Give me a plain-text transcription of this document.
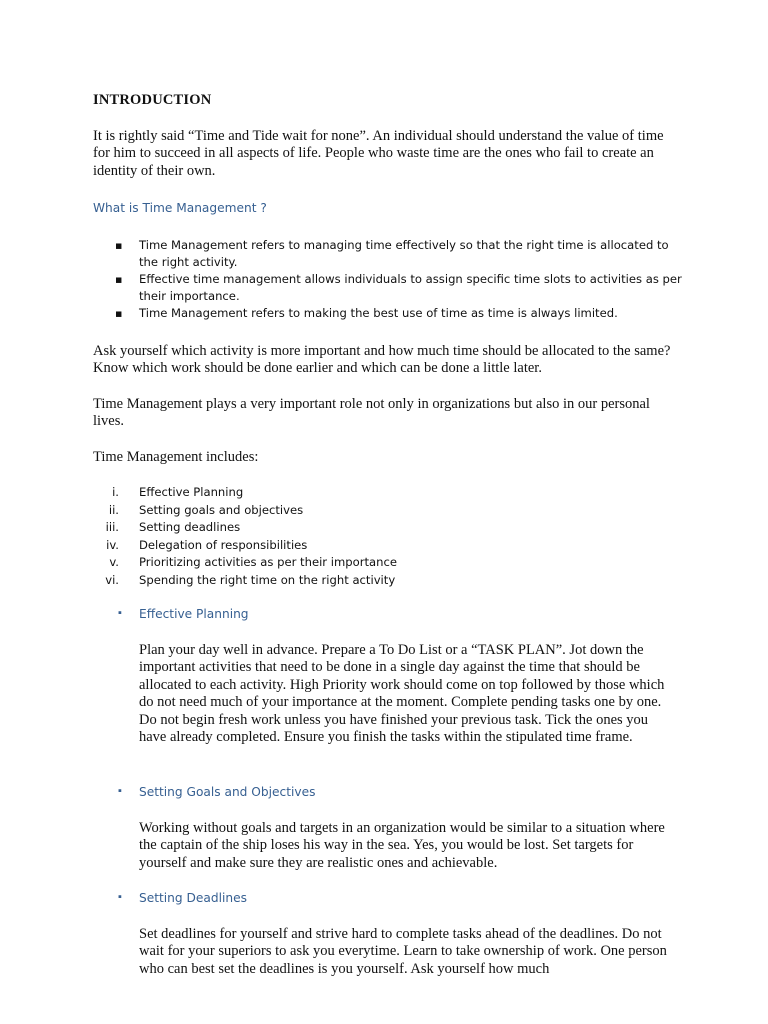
INTRODUCTION
It is rightly said “Time and Tide wait for none”. An individual should understand the value of time for him to succeed in all aspects of life. People who waste time are the ones who fail to create an identity of their own.
What is Time Management ?
▪ Time Management refers to managing time effectively so that the right time is allocated to the right activity.
▪ Effective time management allows individuals to assign specific time slots to activities as per their importance.
▪ Time Management refers to making the best use of time as time is always limited.
Ask yourself which activity is more important and how much time should be allocated to the same? Know which work should be done earlier and which can be done a little later.
Time Management plays a very important role not only in organizations but also in our personal lives.
Time Management includes:
i. Effective Planning
ii. Setting goals and objectives
iii. Setting deadlines
iv. Delegation of responsibilities
v. Prioritizing activities as per their importance
vi. Spending the right time on the right activity
▪ Effective Planning
Plan your day well in advance. Prepare a To Do List or a “TASK PLAN”. Jot down the important activities that need to be done in a single day against the time that should be allocated to each activity. High Priority work should come on top followed by those which do not need much of your importance at the moment. Complete pending tasks one by one. Do not begin fresh work unless you have finished your previous task. Tick the ones you have already completed. Ensure you finish the tasks within the stipulated time frame.
▪ Setting Goals and Objectives
Working without goals and targets in an organization would be similar to a situation where the captain of the ship loses his way in the sea. Yes, you would be lost. Set targets for yourself and make sure they are realistic ones and achievable.
▪ Setting Deadlines
Set deadlines for yourself and strive hard to complete tasks ahead of the deadlines. Do not wait for your superiors to ask you everytime. Learn to take ownership of work. One person who can best set the deadlines is you yourself. Ask yourself how much
